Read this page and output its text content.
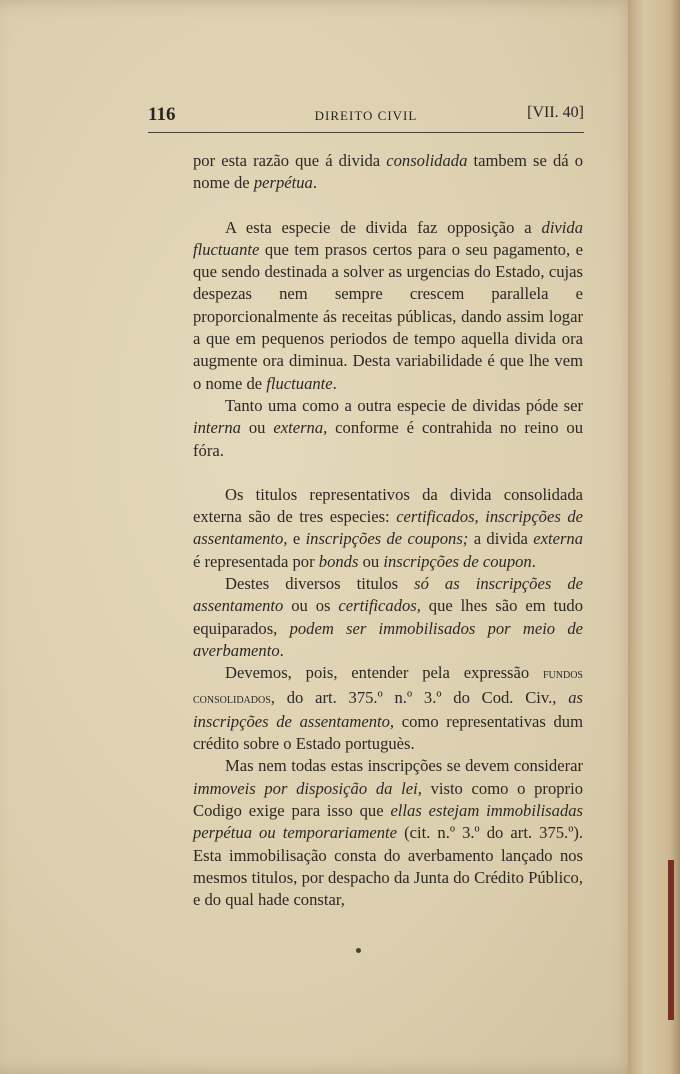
116	DIREITO CIVIL	[VII. 40]

por esta razão que á divida consolidada tambem se dá o nome de perpétua.

A esta especie de divida faz opposição a divida fluctuante que tem prasos certos para o seu pagamento, e que sendo destinada a solver as urgencias do Estado, cujas despezas nem sempre crescem parallela e proporcionalmente ás receitas públicas, dando assim logar a que em pequenos periodos de tempo aquella divida ora augmente ora diminua. Desta variabilidade é que lhe vem o nome de fluctuante.

Tanto uma como a outra especie de dividas póde ser interna ou externa, conforme é contrahida no reino ou fóra.

Os titulos representativos da divida consolidada externa são de tres especies: certificados, inscripções de assentamento, e inscripções de coupons; a divida externa é representada por bonds ou inscripções de coupon.

Destes diversos titulos só as inscripções de assentamento ou os certificados, que lhes são em tudo equiparados, podem ser immobilisados por meio de averbamento.

Devemos, pois, entender pela expressão fundos consolidados, do art. 375.º n.º 3.º do Cod. Civ., as inscripções de assentamento, como representativas dum crédito sobre o Estado portuguès.

Mas nem todas estas inscripções se devem considerar immoveis por disposição da lei, visto como o proprio Codigo exige para isso que ellas estejam immobilisadas perpétua ou temporariamente (cit. n.º 3.º do art. 375.º). Esta immobilisação consta do averbamento lançado nos mesmos titulos, por despacho da Junta do Crédito Público, e do qual hade constar,
